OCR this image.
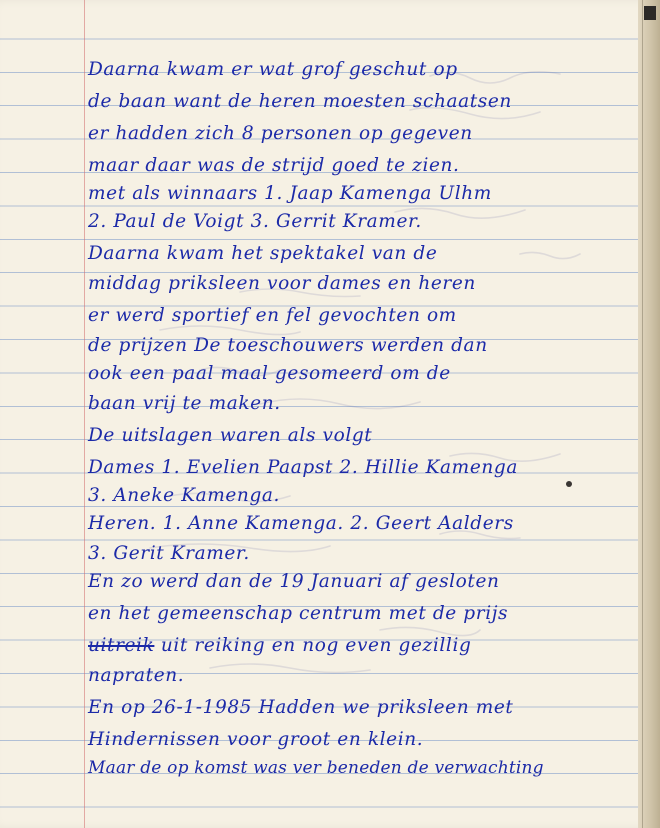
Daarna kwam er wat grof geschut op
de baan want de heren moesten schaatsen
er hadden zich 8 personen op gegeven
maar daar was de strijd goed te zien.
met als winnaars 1. Jaap Kamenga Ulhm
2. Paul de Voigt 3. Gerrit Kramer.
Daarna kwam het spektakel van de
middag priksleen voor dames en heren
er werd sportief en fel gevochten om
de prijzen De toeschouwers werden dan
ook een paal maal gesomeerd om de
baan vrij te maken.
De uitslagen waren als volgt
Dames 1. Evelien Paapst 2. Hillie Kamenga
3. Aneke Kamenga.
Heren. 1. Anne Kamenga. 2. Geert Aalders
3. Gerit Kramer.
En zo werd dan de 19 Januari af gesloten
en het gemeenschap centrum met de prijs
uitreik uit reiking en nog even gezillig
napraten.
En op 26-1-1985 Hadden we priksleen met
Hindernissen voor groot en klein.
Maar de op komst was ver beneden de verwachting
